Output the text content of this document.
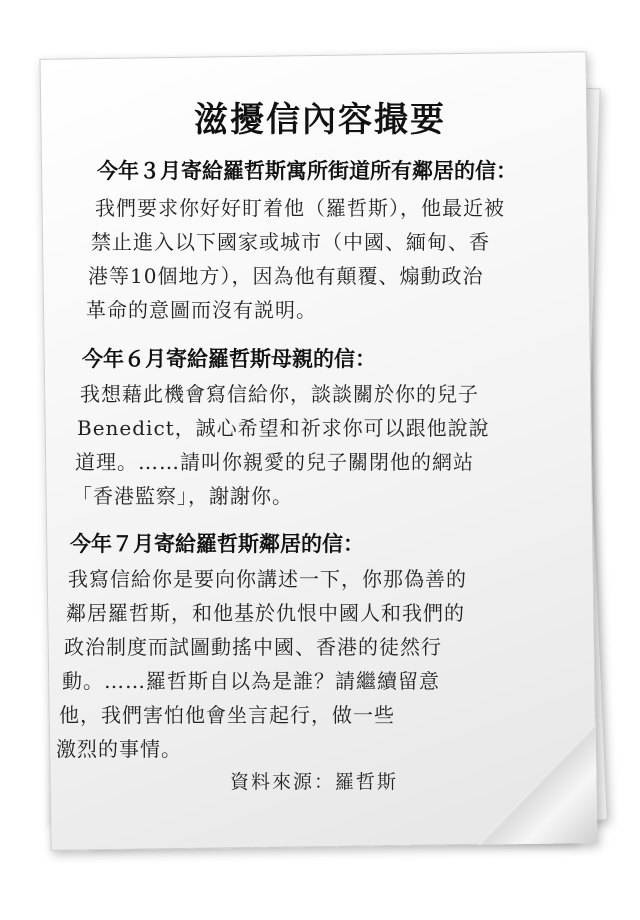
滋擾信內容撮要
今年３月寄給羅哲斯寓所街道所有鄰居的信：
我們要求你好好盯着他（羅哲斯），他最近被
禁止進入以下國家或城市（中國、緬甸、香
港等10個地方），因為他有顛覆、煽動政治
革命的意圖而沒有説明。
今年６月寄給羅哲斯母親的信：
我想藉此機會寫信給你，談談關於你的兒子
Benedict，誠心希望和祈求你可以跟他說說
道理。……請叫你親愛的兒子關閉他的網站
「香港監察」，謝謝你。
今年７月寄給羅哲斯鄰居的信：
我寫信給你是要向你講述一下，你那偽善的
鄰居羅哲斯，和他基於仇恨中國人和我們的
政治制度而試圖動搖中國、香港的徒然行
動。……羅哲斯自以為是誰？請繼續留意
他，我們害怕他會坐言起行，做一些
激烈的事情。
資料來源：羅哲斯
